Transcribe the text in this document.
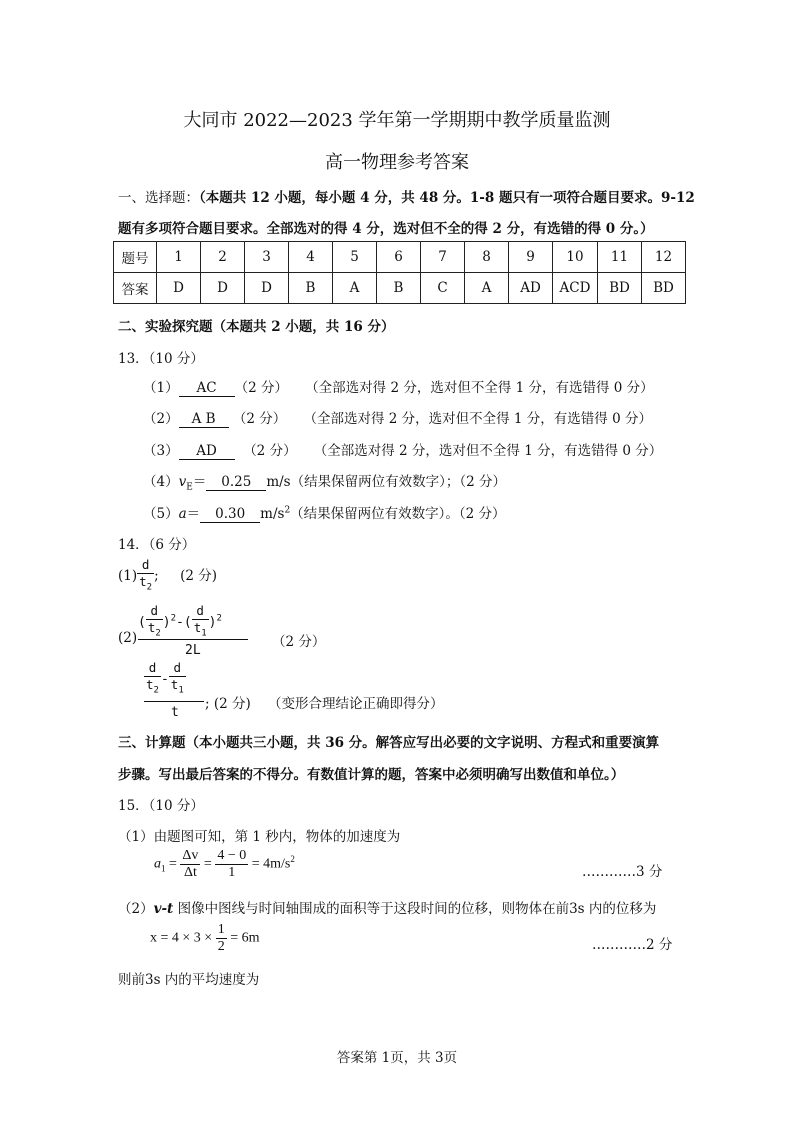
大同市 2022—2023 学年第一学期期中教学质量监测
高一物理参考答案
一、选择题：（本题共 12 小题，每小题 4 分，共 48 分。1-8 题只有一项符合题目要求。9-12
题有多项符合题目要求。全部选对的得 4 分，选对但不全的得 2 分，有选错的得 0 分。）
题号	1	2	3	4	5	6	7	8	9	10	11	12
答案	D	D	D	B	A	B	C	A	AD	ACD	BD	BD
二、实验探究题（本题共 2 小题，共 16 分）
13．（10 分）
（1） AC （2 分） （全部选对得 2 分，选对但不全得 1 分，有选错得 0 分）
（2） A B （2 分） （全部选对得 2 分，选对但不全得 1 分，有选错得 0 分）
（3） AD （2 分） （全部选对得 2 分，选对但不全得 1 分，有选错得 0 分）
$(4)v_E= 0.25$ m/s（结果保留两位有效数字）；（2 分）
（5）a＝ 0.30 $m/s^2$（结果保留两位有效数字）。（2 分）
14．（6 分）
$(1) \frac{d}{t_2}$ ; (2 分)
( $\frac{d}{t_2} )^2-( \frac{d}{t_1} )^2$
(2)
2L
（2 分）
$\frac{d}{t_2} - \frac{d}{t_1}$
t
; (2 分) （变形合理结论正确即得分）
三、计算题（本小题共三小题，共 36 分。解答应写出必要的文字说明、方程式和重要演算
步骤。写出最后答案的不得分。有数值计算的题，答案中必须明确写出数值和单位。）
15．（10 分）
（1）由题图可知，第 1 秒内，物体的加速度为
$a_1 = \frac{\Delta v}{\Delta t} = \frac{4 - 0}{1} = 4m/s^2$
…………3 分
（2）v-t 图像中图线与时间轴围成的面积等于这段时间的位移，则物体在前3s 内的位移为
$x = 4 \times 3 \times \frac{1}{2} = 6m$	…………2 分
则前3s 内的平均速度为
答案第 1页，共 3页
